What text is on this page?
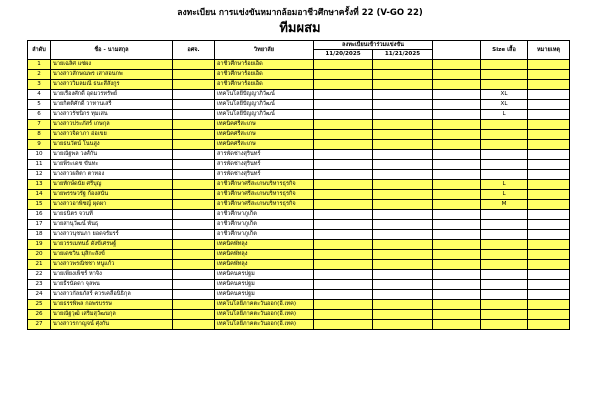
ลงทะเบียน การแข่งขันหมากล้อมอาชีวศึกษาครั้งที่ 22 (V-GO 22)
ทีมผสม
ลำดับ	ชื่อ - นามสกุล	อศจ.	วิทยาลัย	ลงทะเบียนเข้าร่วมแข่งขัน			Size เสื้อ	หมายเหตุ
				11/20/2025	11/21/2025			
1	นายเฉลิศ แซ่ผง		อาชีวศึกษาร้อยเอ็ด					
2	นางสาวสักษณพร เสาสอนกพ		อาชีวศึกษาร้อยเอ็ด					
3	นางสาววิมลมณี ธนะสีสังกูร		อาชีวศึกษาร้อยเอ็ด					
4	นายเรืองศักดิ์ อุดมวรทรัพย์		เทคโนโลยีปัญญาภิวัฒน์				XL	
5	นายกิตติศักดิ์ วาทานเสรี		เทคโนโลยีปัญญาภิวัฒน์				XL	
6	นางสาวรัชนิกร ทุมเสน		เทคโนโลยีปัญญาภิวัฒน์				L	
7	นางสาวประภัสร์ เกษกุล		เทคนิคศรีสะเกษ					
8	นางสาวจิดาภา อ่อเขย		เทคนิคศรีสะเกษ					
9	นายธนวัตน์ โนนสูง		เทคนิคศรีสะเกษ					
10	นายณัฐพล วงศ์กัน		สารพัดช่างสุรินทร์					
11	นายพีระเดช ขันทะ		สารพัดช่างสุรินทร์					
12	นางสาวผลิตา ตาทอง		สารพัดช่างสุรินทร์					
13	นายทักษ์ดนัย ศรีบุญ		อาชีวศึกษาศรีสะเกษบริหารธุรกิจ				L	
14	นายพรรษวรัฐ ก้องสนั่น		อาชีวศึกษาศรีสะเกษบริหารธุรกิจ				L	
15	นางสาวอาพิชญ์ ผุดผา		อาชีวศึกษาศรีสะเกษบริหารธุรกิจ				M	
16	นายธนิตร จวนที		อาชีวศึกษาภูเก็ต					
17	นายสานุวัฒน์ พันธุ		อาชีวศึกษาภูเก็ต					
18	นางสาวนุชนภา ยอดจรัมรร์		อาชีวศึกษาภูเก็ต					
19	นายวรรเมทนธ์ ดังข้เศรษฐ์		เทคนิคพัทลุง					
20	นายเดชวิน มุสิกะสังข์		เทคนิคพัทลุง					
21	นางสาวพรณิชชา หนูแก้ว		เทคนิคพัทลุง					
22	นายเพียงเพ็ชร์ หาจิ่ง		เทคนิคนครปฐม					
23	นายธีรนัดดา จุลพน		เทคนิคนครปฐม					
24	นางสาวกัลยภัสร์ ควรเคลือนิธิกุล		เทคนิคนครปฐม					
25	นายธรรพิพล กอพรบรรษ		เทคโนโลยีภาคตะวันออก(อี.เทค)					
26	นายณัฐวุฒิ เสริมสุวัฒนกุล		เทคโนโลยีภาคตะวันออก(อี.เทค)					
27	นางสาวรกาญจน์ ศุ่งกัน		เทคโนโลยีภาคตะวันออก(อี.เทค)					
